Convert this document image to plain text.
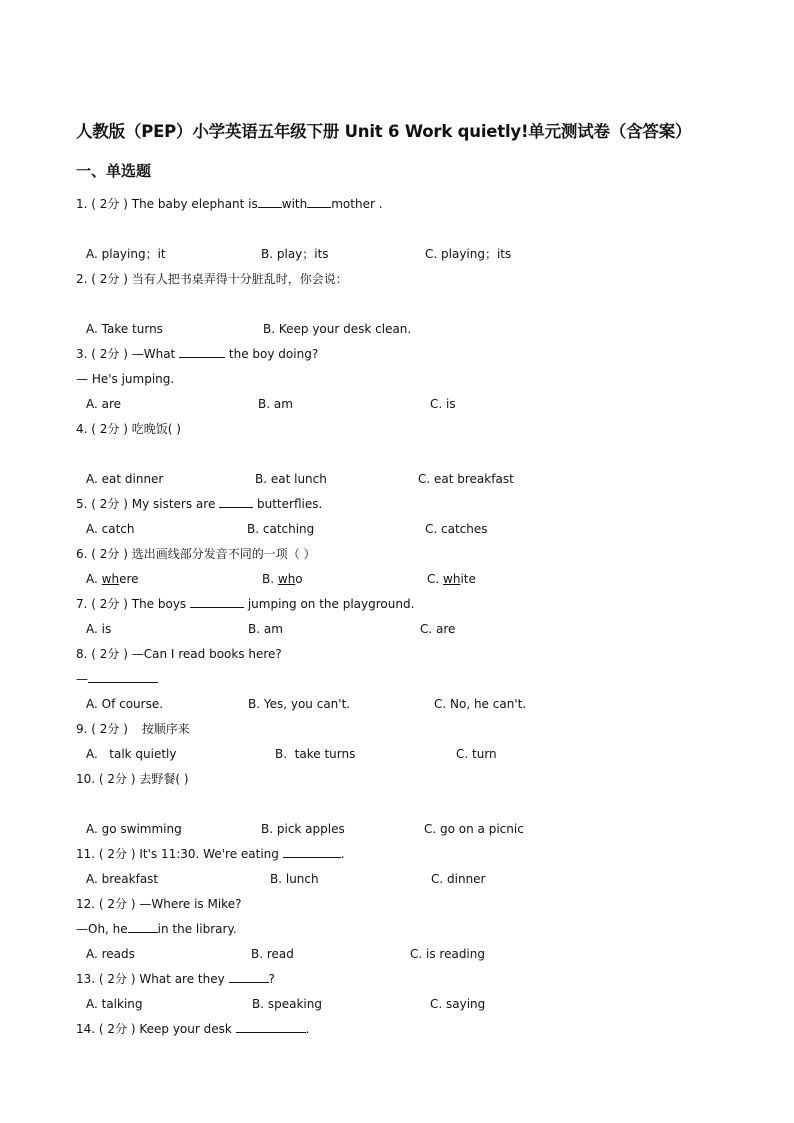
人教版（PEP）小学英语五年级下册 Unit 6 Work quietly!单元测试卷（含答案）
一、单选题
1. ( 2分 ) The baby elephant is with mother .
A. playing；it	B. play；its	C. playing；its
2. ( 2分 ) 当有人把书桌弄得十分脏乱时，你会说：
A. Take turns	B. Keep your desk clean.
3. ( 2分 ) —What	the boy doing?
— He's jumping.
A. are	B. am	C. is
4. ( 2分 ) 吃晚饭( )
A. eat dinner	B. eat lunch	C. eat breakfast
5. ( 2分 ) My sisters are	butterflies.
A. catch	B. catching	C. catches
6. ( 2分 ) 选出画线部分发音不同的一项（ ）
A. where	B. who	C. white
7. ( 2分 ) The boys	jumping on the playground.
A. is	B. am	C. are
8. ( 2分 ) —Can I read books here?
—
A. Of course.	B. Yes, you can't.	C. No, he can't.
9. ( 2分 ) 按顺序来
A.   talk quietly	B.  take turns	C. turn
10. ( 2分 ) 去野餐( )
A. go swimming	B. pick apples	C. go on a picnic
11. ( 2分 ) It's 11:30. We're eating	.
A. breakfast	B. lunch	C. dinner
12. ( 2分 ) —Where is Mike?
—Oh, he	in the library.
A. reads	B. read	C. is reading
13. ( 2分 ) What are they	?
A. talking	B. speaking	C. saying
14. ( 2分 ) Keep your desk	.
